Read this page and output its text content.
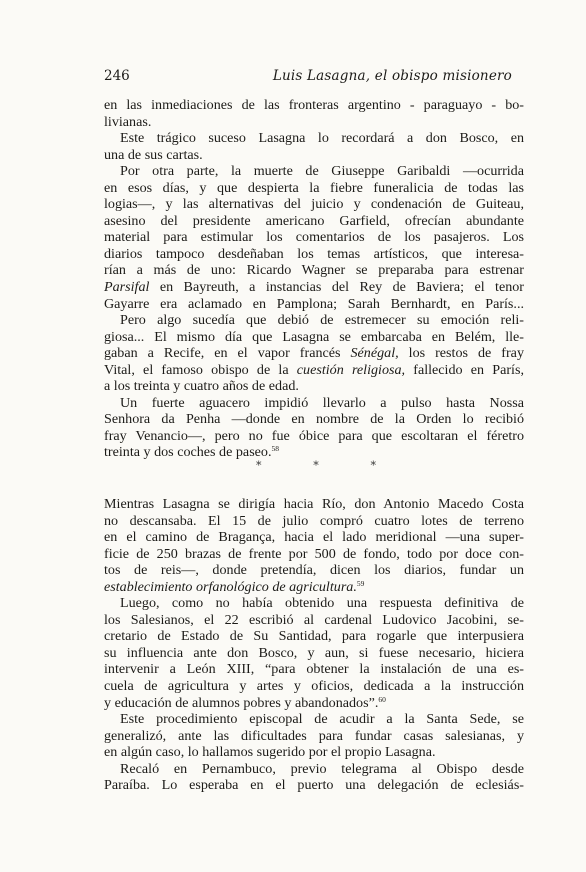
246	Luis Lasagna, el obispo misionero
en las inmediaciones de las fronteras argentino - paraguayo - bo-
livianas.
Este trágico suceso Lasagna lo recordará a don Bosco, en
una de sus cartas.
Por otra parte, la muerte de Giuseppe Garibaldi —ocurrida
en esos días, y que despierta la fiebre funeralicia de todas las
logias—, y las alternativas del juicio y condenación de Guiteau,
asesino del presidente americano Garfield, ofrecían abundante
material para estimular los comentarios de los pasajeros. Los
diarios tampoco desdeñaban los temas artísticos, que interesa-
rían a más de uno: Ricardo Wagner se preparaba para estrenar
Parsifal en Bayreuth, a instancias del Rey de Baviera; el tenor
Gayarre era aclamado en Pamplona; Sarah Bernhardt, en París...
Pero algo sucedía que debió de estremecer su emoción reli-
giosa... El mismo día que Lasagna se embarcaba en Belém, lle-
gaban a Recife, en el vapor francés Sénégal, los restos de fray
Vital, el famoso obispo de la cuestión religiosa, fallecido en París,
a los treinta y cuatro años de edad.
Un fuerte aguacero impidió llevarlo a pulso hasta Nossa
Senhora da Penha —donde en nombre de la Orden lo recibió
fray Venancio—, pero no fue óbice para que escoltaran el féretro
treinta y dos coches de paseo.$^{58}$
*	*	*
Mientras Lasagna se dirigía hacia Río, don Antonio Macedo Costa
no descansaba. El 15 de julio compró cuatro lotes de terreno
en el camino de Bragança, hacia el lado meridional —una super-
ficie de 250 brazas de frente por 500 de fondo, todo por doce con-
tos de reis—, donde pretendía, dicen los diarios, fundar un
establecimiento orfanológico de agricultura.$^{59}$
Luego, como no había obtenido una respuesta definitiva de
los Salesianos, el 22 escribió al cardenal Ludovico Jacobini, se-
cretario de Estado de Su Santidad, para rogarle que interpusiera
su influencia ante don Bosco, y aun, si fuese necesario, hiciera
intervenir a León XIII, “para obtener la instalación de una es-
cuela de agricultura y artes y oficios, dedicada a la instrucción
y educación de alumnos pobres y abandonados”.$^{60}$
Este procedimiento episcopal de acudir a la Santa Sede, se
generalizó, ante las dificultades para fundar casas salesianas, y
en algún caso, lo hallamos sugerido por el propio Lasagna.
Recaló en Pernambuco, previo telegrama al Obispo desde
Paraíba. Lo esperaba en el puerto una delegación de eclesiás-
